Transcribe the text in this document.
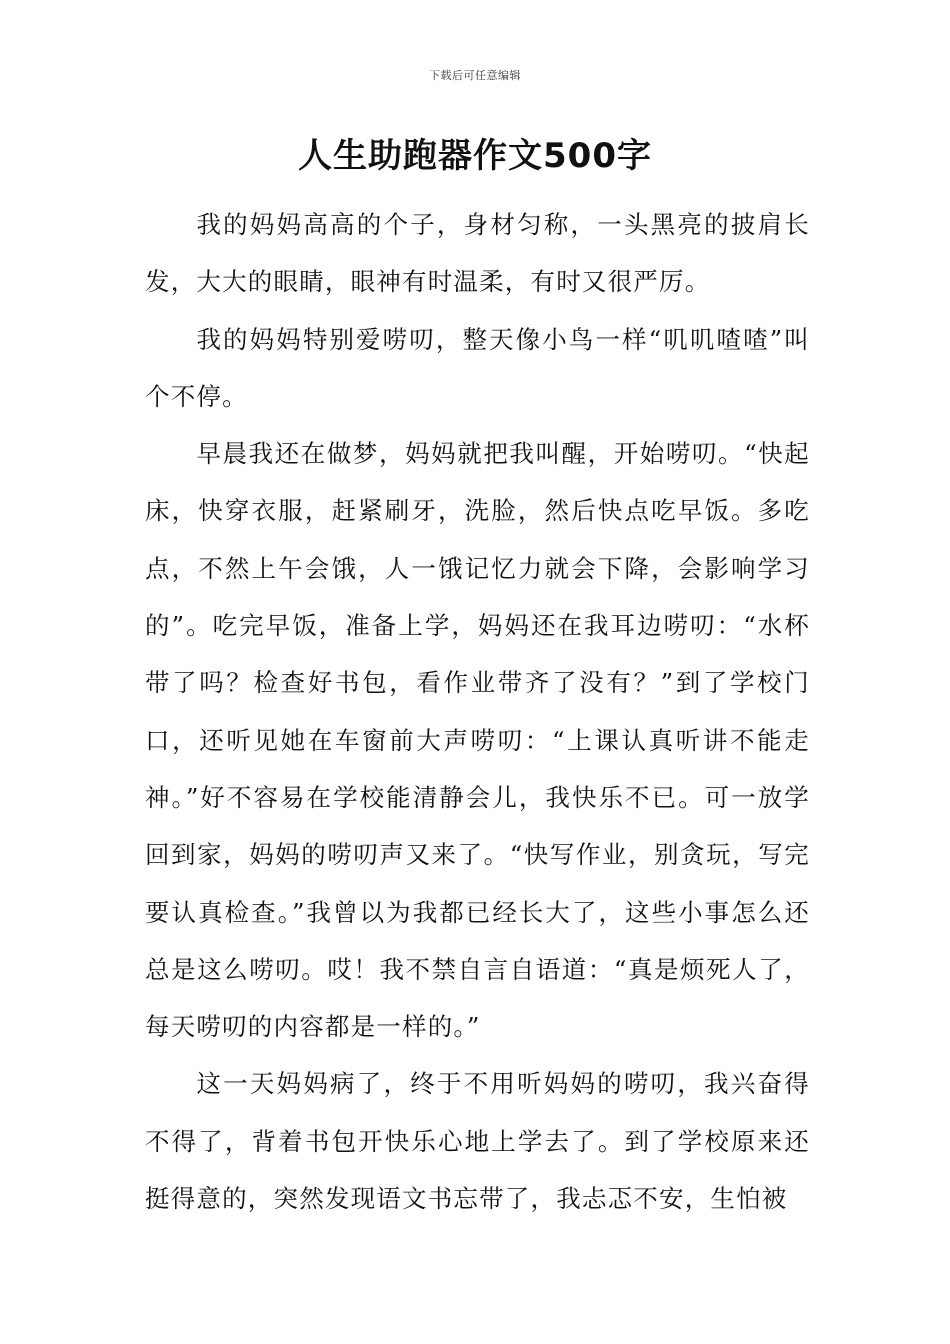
下载后可任意编辑
人生助跑器作文500字

我的妈妈高高的个子，身材匀称，一头黑亮的披肩长发，大大的眼睛，眼神有时温柔，有时又很严厉。

我的妈妈特别爱唠叨，整天像小鸟一样“叽叽喳喳”叫个不停。

早晨我还在做梦，妈妈就把我叫醒，开始唠叨。“快起床，快穿衣服，赶紧刷牙，洗脸，然后快点吃早饭。多吃点，不然上午会饿，人一饿记忆力就会下降，会影响学习的”。吃完早饭，准备上学，妈妈还在我耳边唠叨：“水杯带了吗？检查好书包，看作业带齐了没有？”到了学校门口，还听见她在车窗前大声唠叨：“上课认真听讲不能走神。”好不容易在学校能清静会儿，我快乐不已。可一放学回到家，妈妈的唠叨声又来了。“快写作业，别贪玩，写完要认真检查。”我曾以为我都已经长大了，这些小事怎么还总是这么唠叨。哎！我不禁自言自语道：“真是烦死人了，每天唠叨的内容都是一样的。”

这一天妈妈病了，终于不用听妈妈的唠叨，我兴奋得不得了，背着书包开快乐心地上学去了。到了学校原来还挺得意的，突然发现语文书忘带了，我忐忑不安，生怕被
